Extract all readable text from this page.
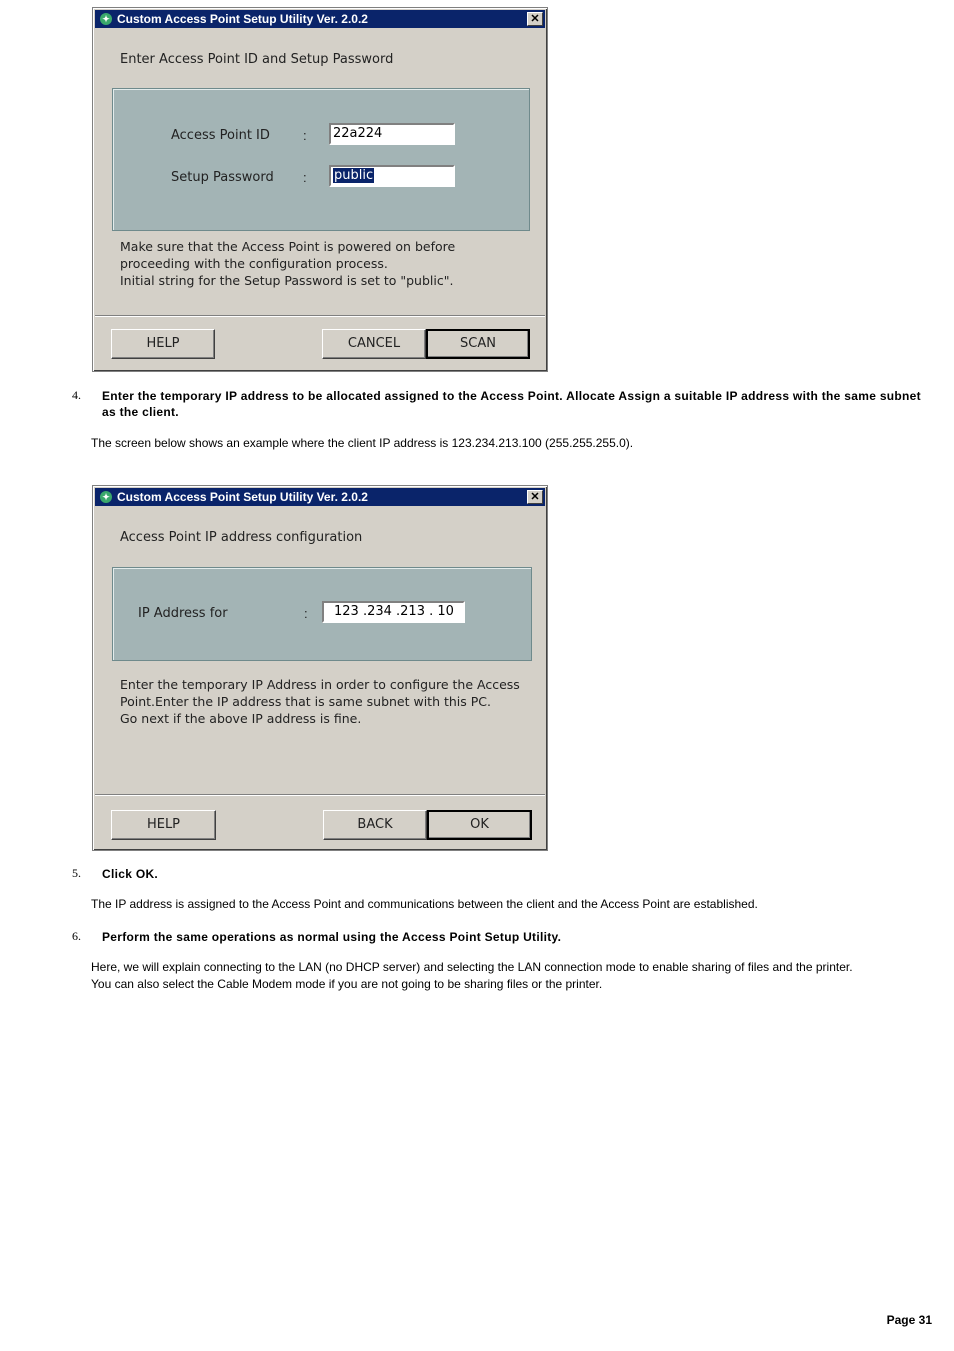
✦ Custom Access Point Setup Utility Ver. 2.0.2	✕
Enter Access Point ID and Setup Password
Access Point ID	:	22a224
Setup Password :	public
Make sure that the Access Point is powered on before
proceeding with the configuration process.
Initial string for the Setup Password is set to "public".
HELP	CANCEL	SCAN
4. Enter the temporary IP address to be allocated assigned to the Access Point. Allocate Assign a suitable IP address with the same subnet as the client.
The screen below shows an example where the client IP address is 123.234.213.100 (255.255.255.0).
✦ Custom Access Point Setup Utility Ver. 2.0.2	✕
Access Point IP address configuration
IP Address for	:	123 .234 .213 . 10
Enter the temporary IP Address in order to configure the Access
Point.Enter the IP address that is same subnet with this PC.
Go next if the above IP address is fine.
HELP	BACK	OK
5. Click OK.
The IP address is assigned to the Access Point and communications between the client and the Access Point are established.
6. Perform the same operations as normal using the Access Point Setup Utility.
Here, we will explain connecting to the LAN (no DHCP server) and selecting the LAN connection mode to enable sharing of files and the printer.
You can also select the Cable Modem mode if you are not going to be sharing files or the printer.
Page 31
